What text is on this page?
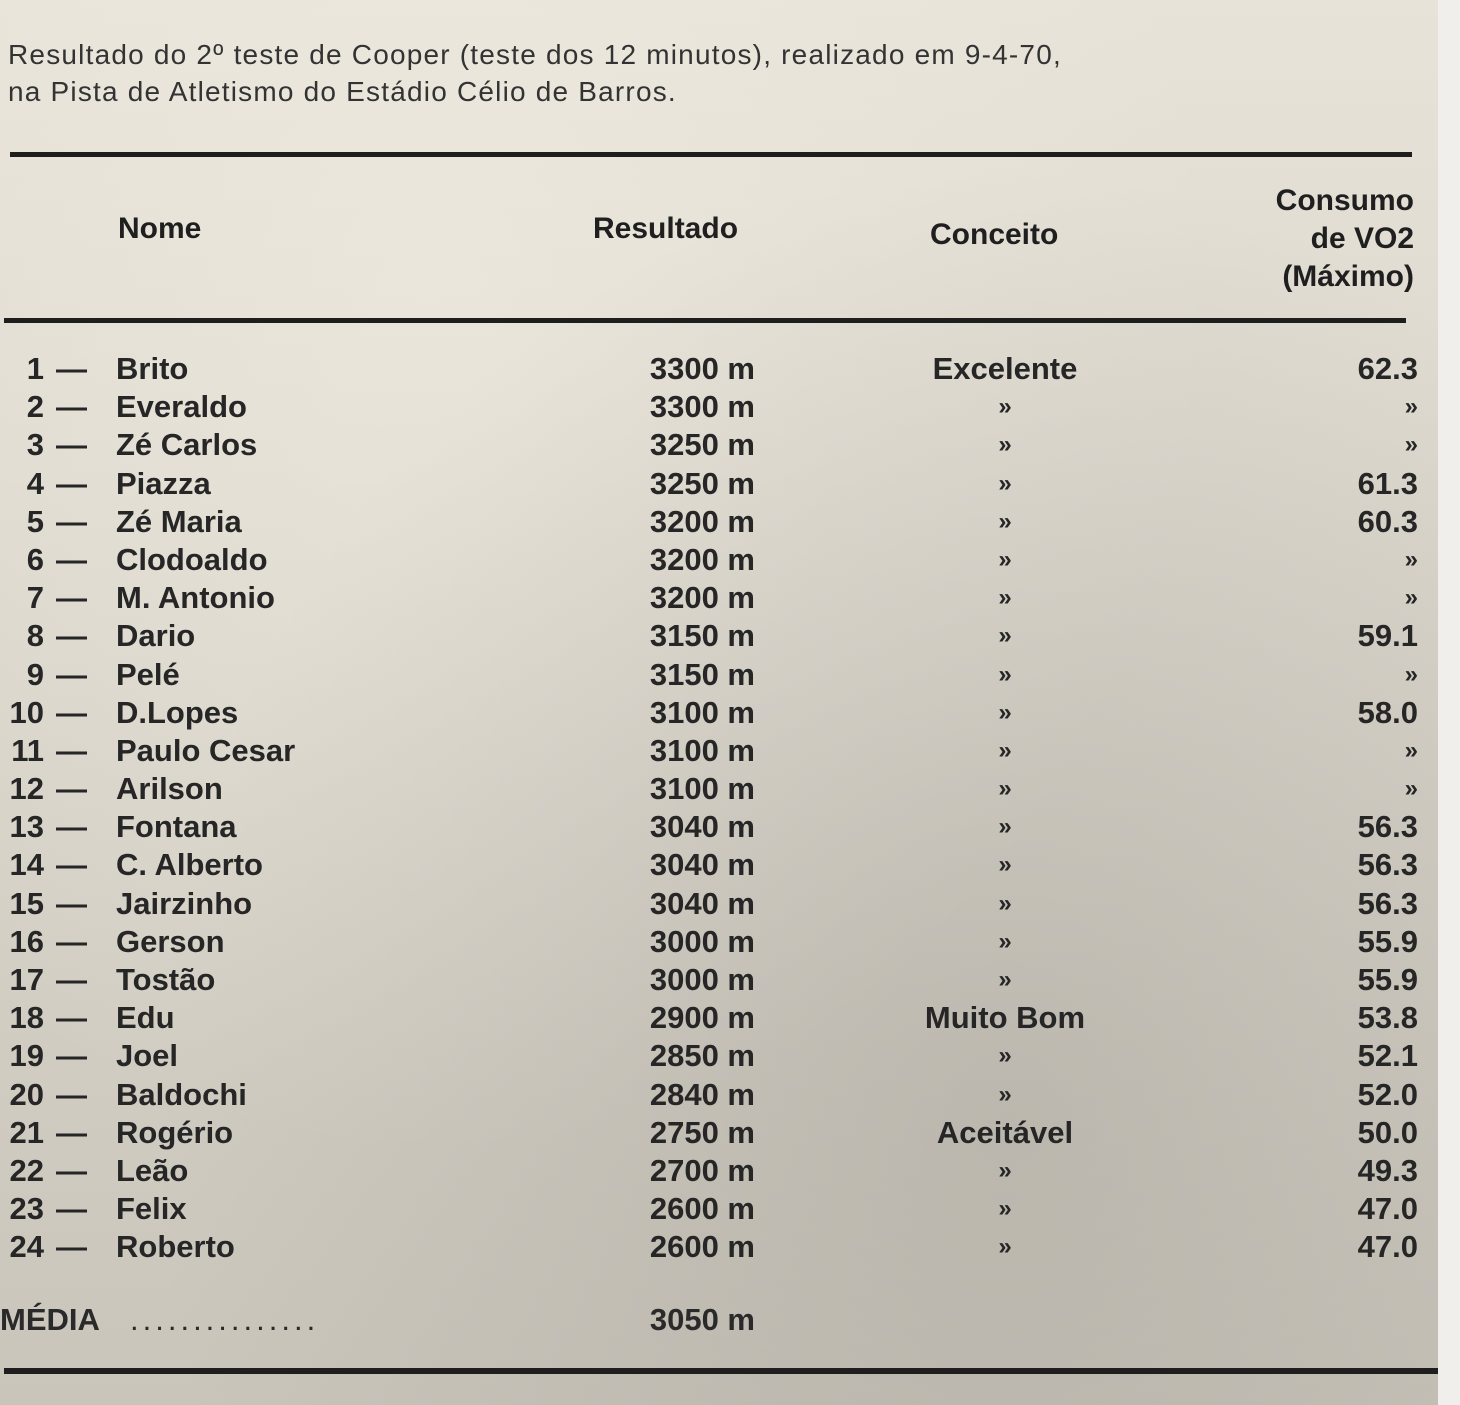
Resultado do 2º teste de Cooper (teste dos 12 minutos), realizado em 9-4-70,
na Pista de Atletismo do Estádio Célio de Barros.
Nome	Resultado	Conceito
Consumo
de VO2
(Máximo)
1 — Brito	3300 m	Excelente	62.3
2 — Everaldo	3300 m	»	»
3 — Zé Carlos	3250 m	»	»
4 — Piazza	3250 m	»	61.3
5 — Zé Maria	3200 m	»	60.3
6 — Clodoaldo	3200 m	»	»
7 — M. Antonio	3200 m	»	»
8 — Dario	3150 m	»	59.1
9 — Pelé	3150 m	»	»
10 — D.Lopes	3100 m	»	58.0
11 — Paulo Cesar	3100 m	»	»
12 — Arilson	3100 m	»	»
13 — Fontana	3040 m	»	56.3
14 — C. Alberto	3040 m	»	56.3
15 — Jairzinho	3040 m	»	56.3
16 — Gerson	3000 m	»	55.9
17 — Tostão	3000 m	»	55.9
18 — Edu	2900 m	Muito Bom	53.8
19 — Joel	2850 m	»	52.1
20 — Baldochi	2840 m	»	52.0
21 — Rogério	2750 m	Aceitável	50.0
22 — Leão	2700 m	»	49.3
23 — Felix	2600 m	»	47.0
24 — Roberto	2600 m	»	47.0
MÉDIA ...............	3050 m
